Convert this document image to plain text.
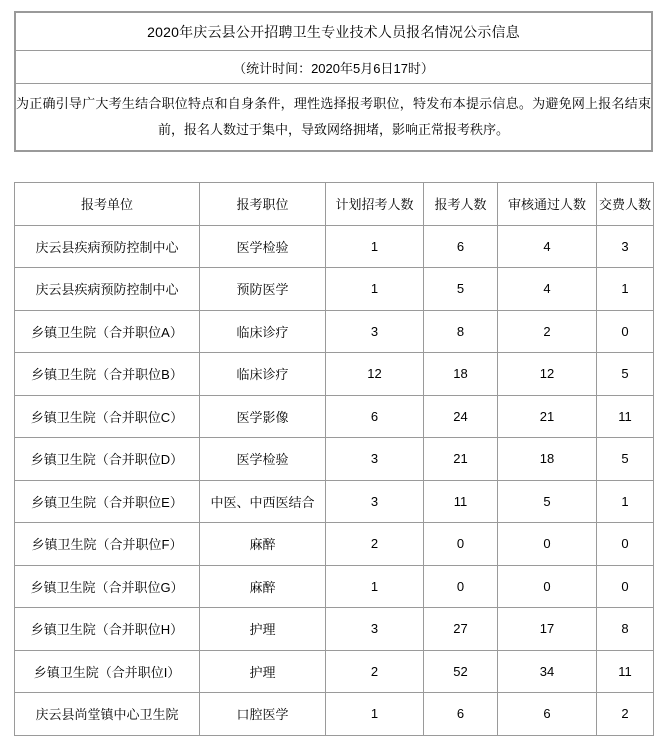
2020年庆云县公开招聘卫生专业技术人员报名情况公示信息
（统计时间：2020年5月6日17时）

为正确引导广大考生结合职位特点和自身条件，理性选择报考职位，特发布本提示信息。为避免网上报名结束前，报名人数过于集中，导致网络拥堵，影响正常报考秩序。
报考单位	报考职位	计划招考人数	报考人数	审核通过人数	交费人数
庆云县疾病预防控制中心	医学检验	1	6	4	3
庆云县疾病预防控制中心	预防医学	1	5	4	1
乡镇卫生院（合并职位A）	临床诊疗	3	8	2	0
乡镇卫生院（合并职位B）	临床诊疗	12	18	12	5
乡镇卫生院（合并职位C）	医学影像	6	24	21	11
乡镇卫生院（合并职位D）	医学检验	3	21	18	5
乡镇卫生院（合并职位E）	中医、中西医结合	3	11	5	1
乡镇卫生院（合并职位F）	麻醉	2	0	0	0
乡镇卫生院（合并职位G）	麻醉	1	0	0	0
乡镇卫生院（合并职位H）	护理	3	27	17	8
乡镇卫生院（合并职位I）	护理	2	52	34	11
庆云县尚堂镇中心卫生院	口腔医学	1	6	6	2
